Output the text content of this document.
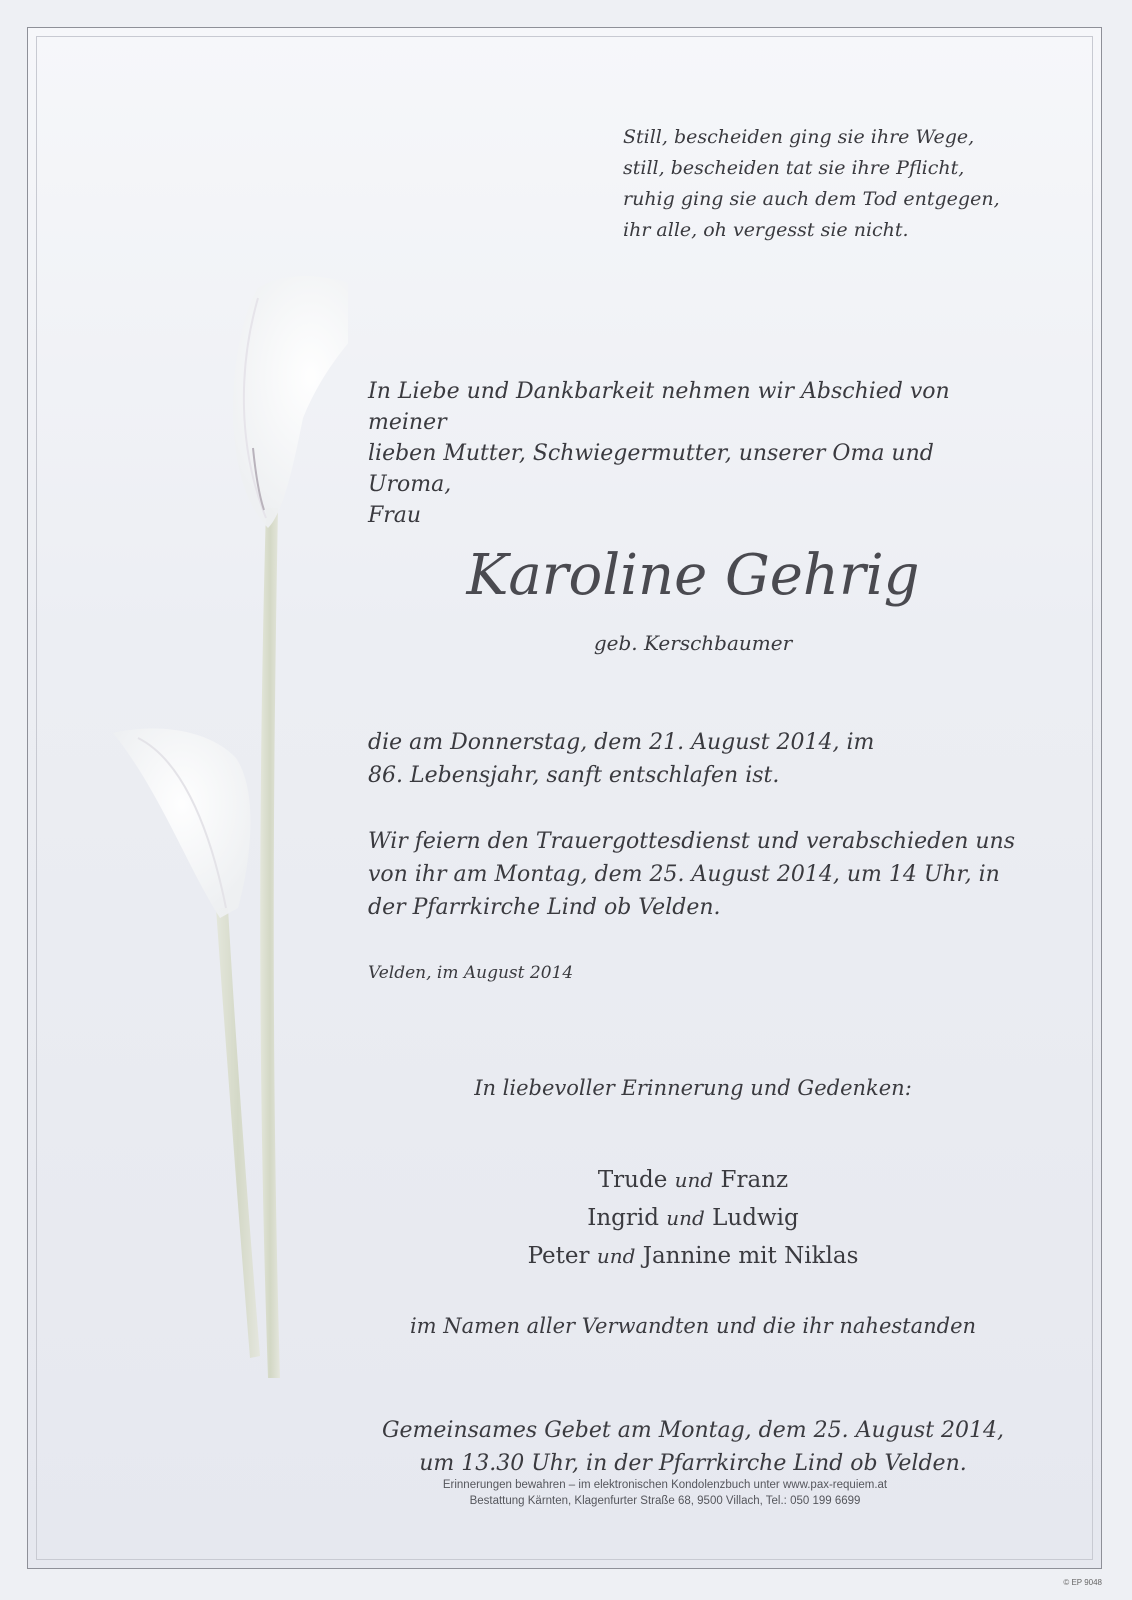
Still, bescheiden ging sie ihre Wege,
still, bescheiden tat sie ihre Pflicht,
ruhig ging sie auch dem Tod entgegen,
ihr alle, oh vergesst sie nicht.
In Liebe und Dankbarkeit nehmen wir Abschied von meiner
lieben Mutter, Schwiegermutter, unserer Oma und Uroma,
Frau
Karoline Gehrig
geb. Kerschbaumer
die am Donnerstag, dem 21. August 2014, im
86. Lebensjahr, sanft entschlafen ist.
Wir feiern den Trauergottesdienst und verabschieden uns
von ihr am Montag, dem 25. August 2014, um 14 Uhr, in
der Pfarrkirche Lind ob Velden.
Velden, im August 2014
In liebevoller Erinnerung und Gedenken:
Trude und Franz
Ingrid und Ludwig
Peter und Jannine mit Niklas
im Namen aller Verwandten und die ihr nahestanden
Gemeinsames Gebet am Montag, dem 25. August 2014,
um 13.30 Uhr, in der Pfarrkirche Lind ob Velden.
Erinnerungen bewahren – im elektronischen Kondolenzbuch unter www.pax-requiem.at
Bestattung Kärnten, Klagenfurter Straße 68, 9500 Villach, Tel.: 050 199 6699
© EP 9048
